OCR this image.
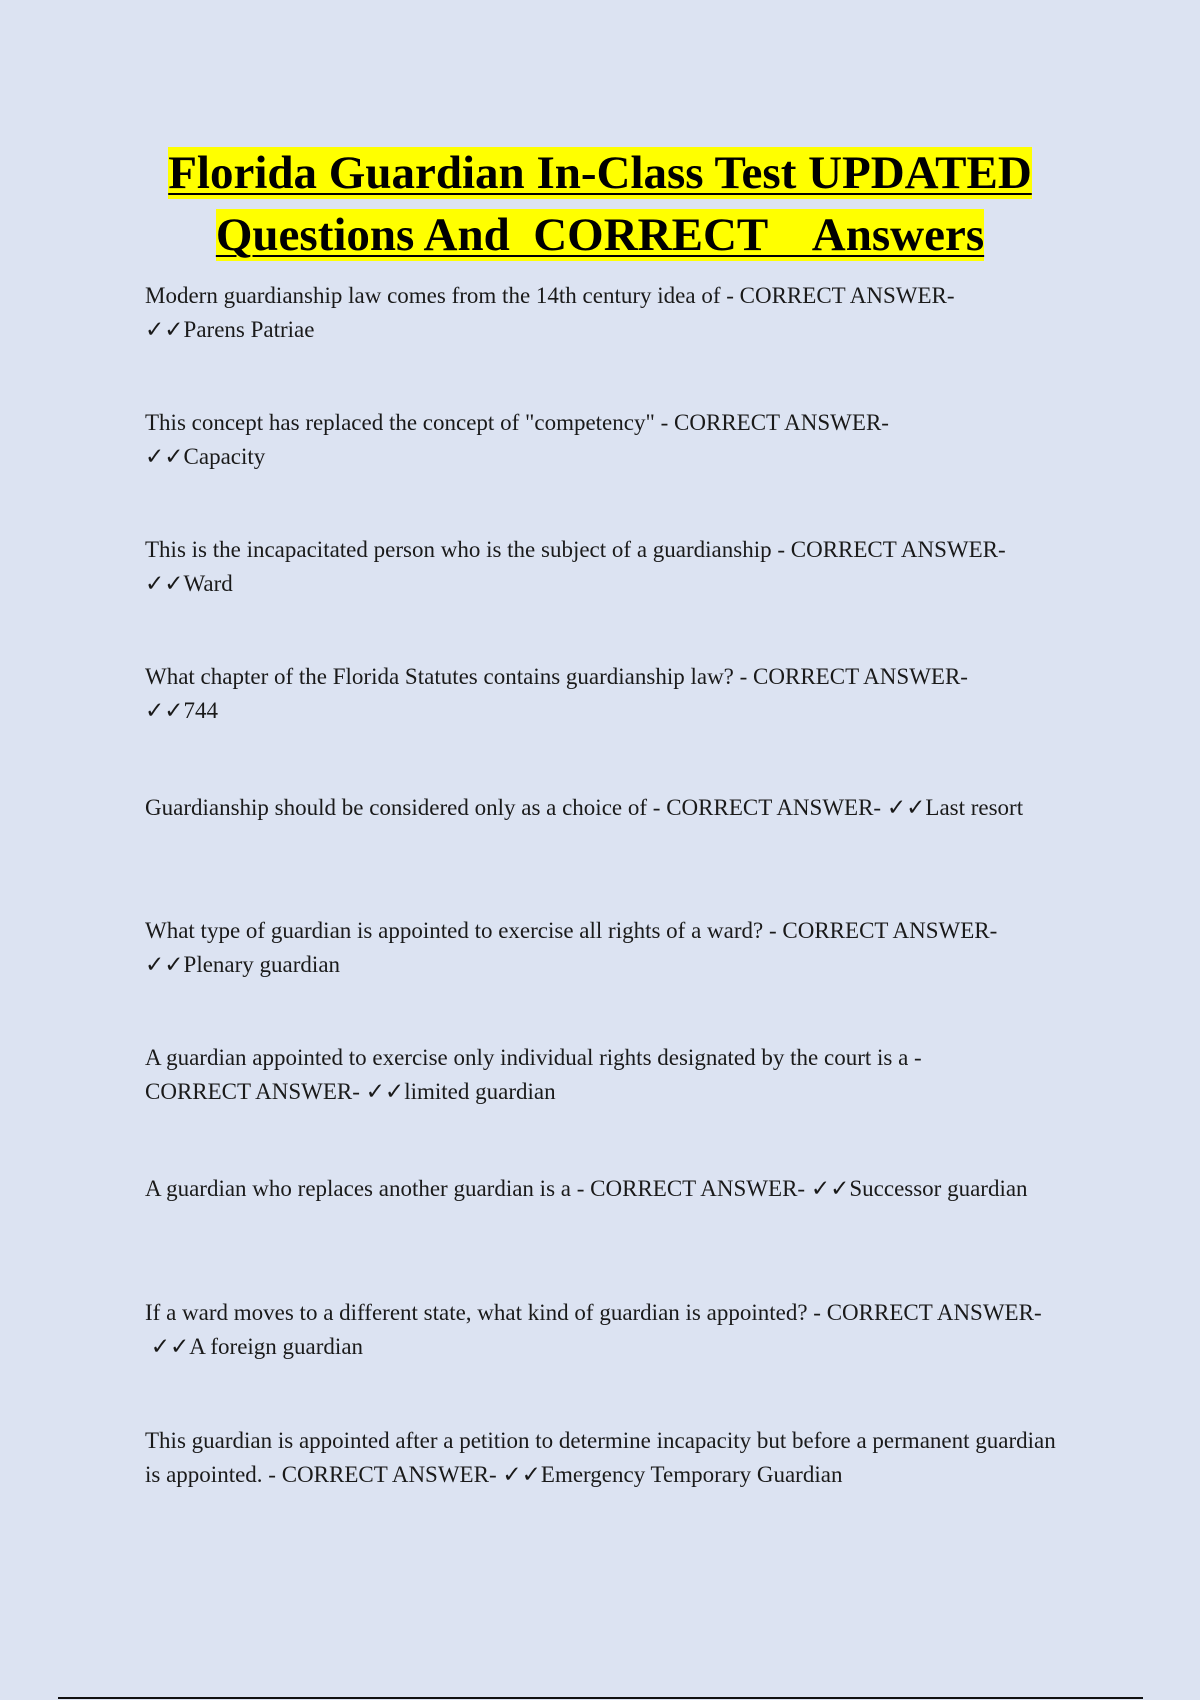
Florida Guardian In-Class Test UPDATED
Questions And  CORRECT    Answers

Modern guardianship law comes from the 14th century idea of - CORRECT ANSWER-
✓✓Parens Patriae

This concept has replaced the concept of "competency" - CORRECT ANSWER-
✓✓Capacity

This is the incapacitated person who is the subject of a guardianship - CORRECT ANSWER-
✓✓Ward

What chapter of the Florida Statutes contains guardianship law? - CORRECT ANSWER-
✓✓744

Guardianship should be considered only as a choice of - CORRECT ANSWER- ✓✓Last resort

What type of guardian is appointed to exercise all rights of a ward? - CORRECT ANSWER-
✓✓Plenary guardian

A guardian appointed to exercise only individual rights designated by the court is a -
CORRECT ANSWER- ✓✓limited guardian

A guardian who replaces another guardian is a - CORRECT ANSWER- ✓✓Successor guardian

If a ward moves to a different state, what kind of guardian is appointed? - CORRECT ANSWER- ✓✓A foreign guardian

This guardian is appointed after a petition to determine incapacity but before a permanent guardian is appointed. - CORRECT ANSWER- ✓✓Emergency Temporary Guardian
